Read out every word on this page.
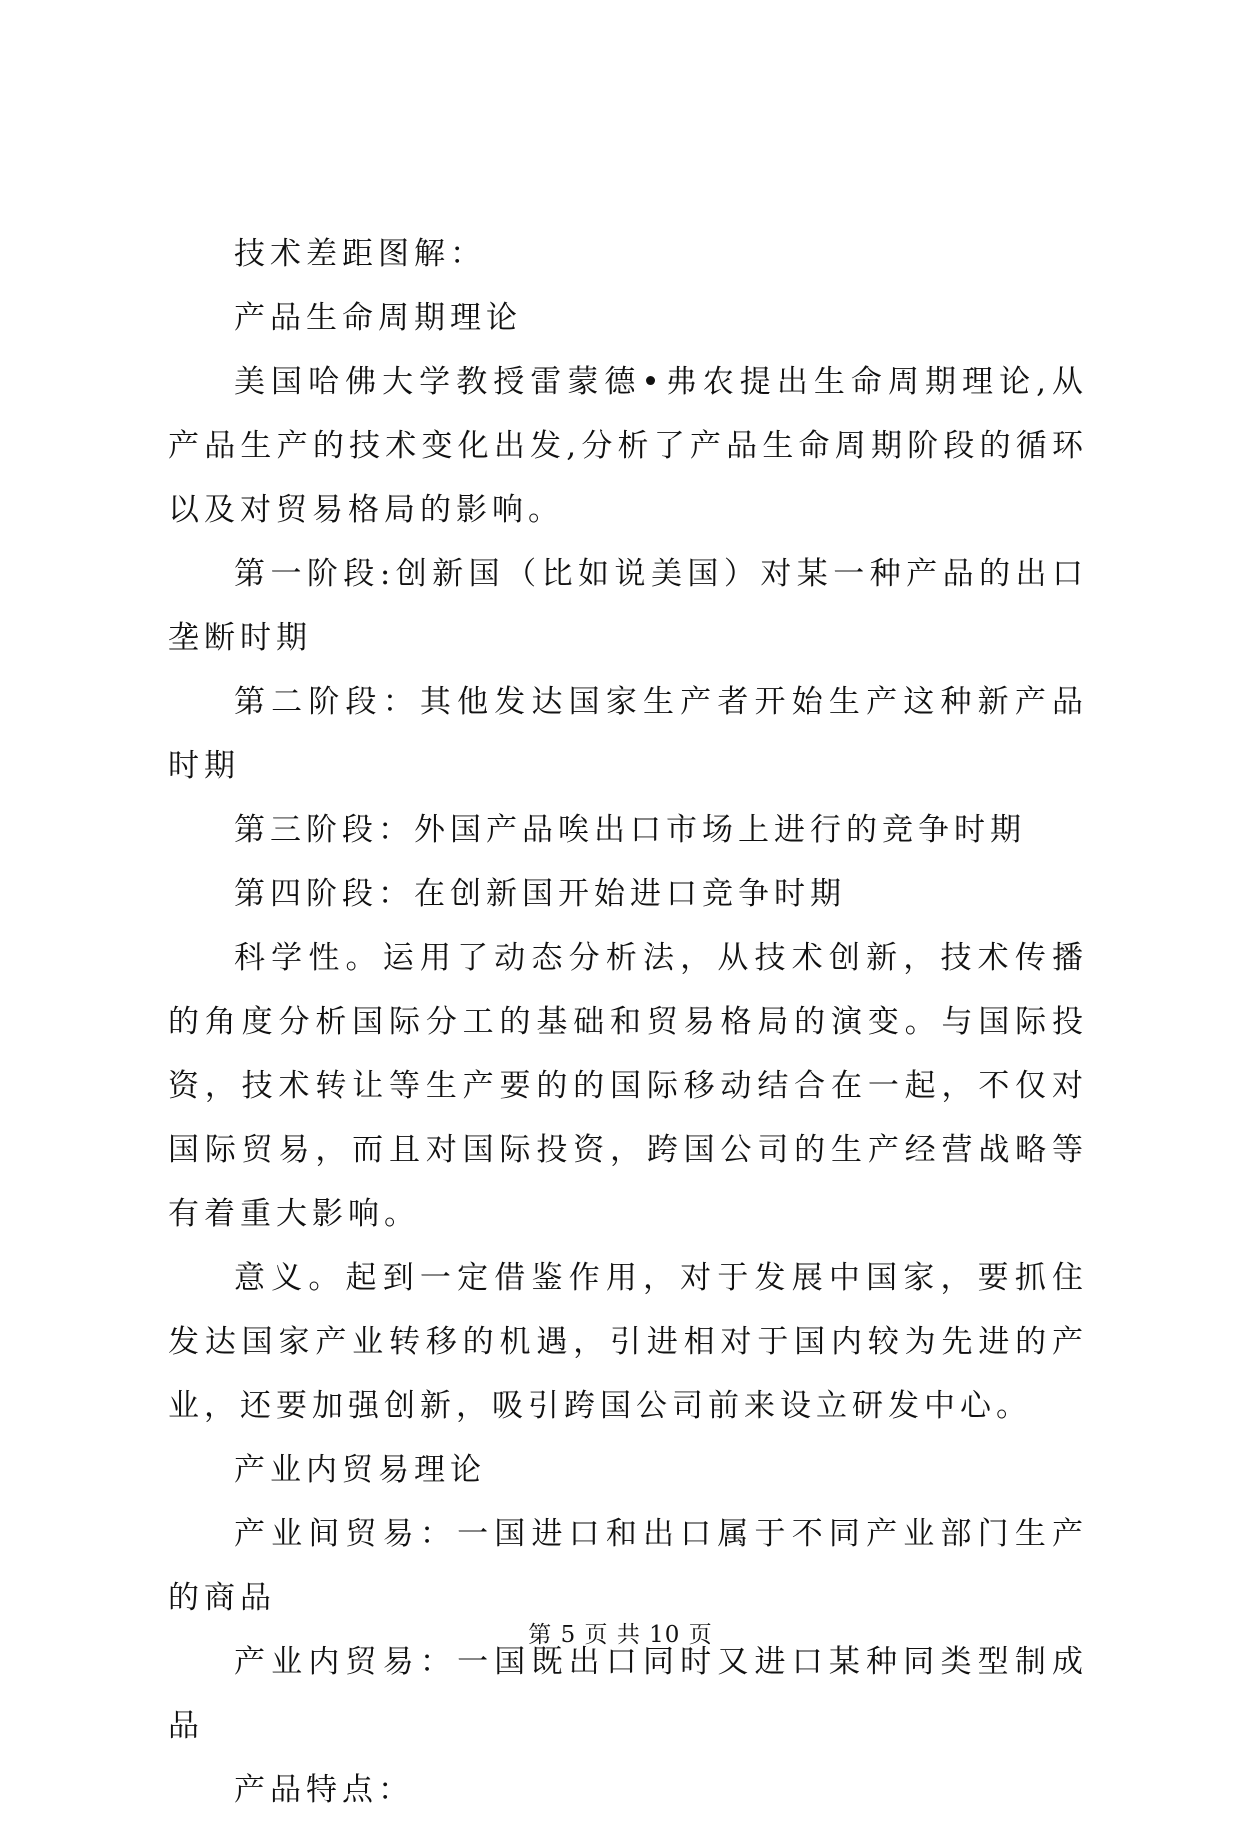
技术差距图解：

产品生命周期理论

美国哈佛大学教授雷蒙德•弗农提出生命周期理论,从产品生产的技术变化出发,分析了产品生命周期阶段的循环以及对贸易格局的影响。

第一阶段:创新国（比如说美国）对某一种产品的出口垄断时期

第二阶段：其他发达国家生产者开始生产这种新产品时期

第三阶段：外国产品唉出口市场上进行的竞争时期

第四阶段：在创新国开始进口竞争时期

科学性。运用了动态分析法，从技术创新，技术传播的角度分析国际分工的基础和贸易格局的演变。与国际投资，技术转让等生产要的的国际移动结合在一起，不仅对国际贸易，而且对国际投资，跨国公司的生产经营战略等有着重大影响。

意义。起到一定借鉴作用，对于发展中国家，要抓住发达国家产业转移的机遇，引进相对于国内较为先进的产业，还要加强创新，吸引跨国公司前来设立研发中心。

产业内贸易理论

产业间贸易：一国进口和出口属于不同产业部门生产的商品

产业内贸易：一国既出口同时又进口某种同类型制成品

产品特点：

第 5 页 共 10 页
